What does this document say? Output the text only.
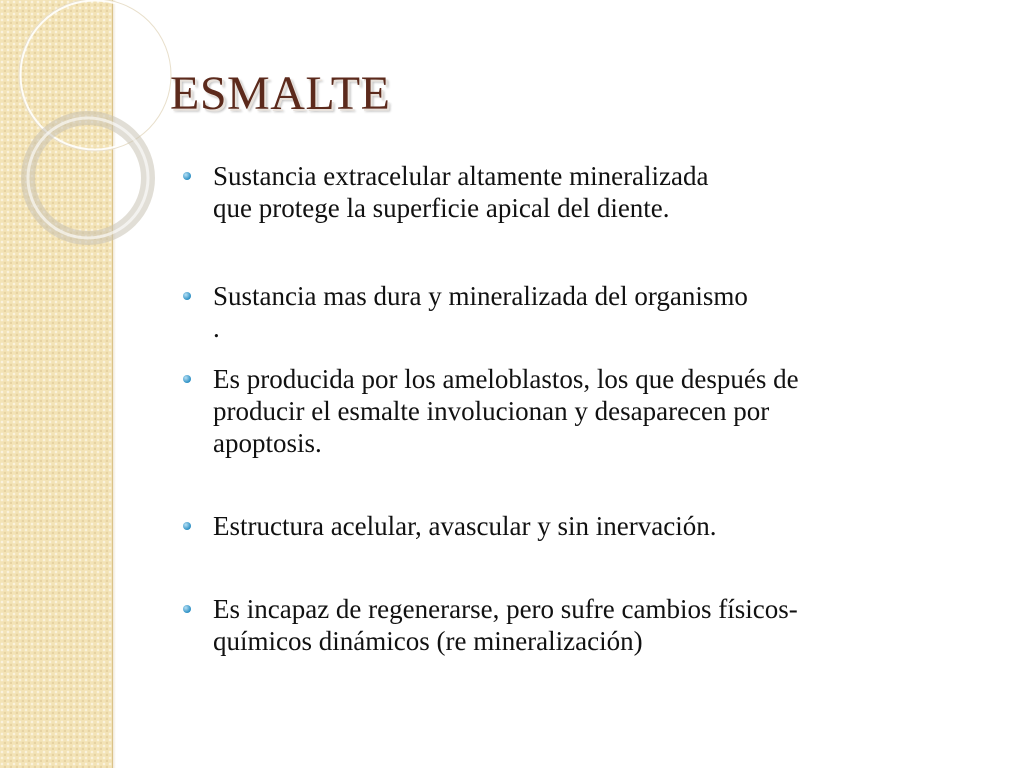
ESMALTE
Sustancia extracelular altamente mineralizada
que protege la superficie apical del diente.
Sustancia mas dura y mineralizada del organismo
.
Es producida por los ameloblastos, los que después de
producir el esmalte involucionan y desaparecen por
apoptosis.
Estructura acelular, avascular y sin inervación.
Es incapaz de regenerarse, pero sufre cambios físicos-
químicos dinámicos (re mineralización)
